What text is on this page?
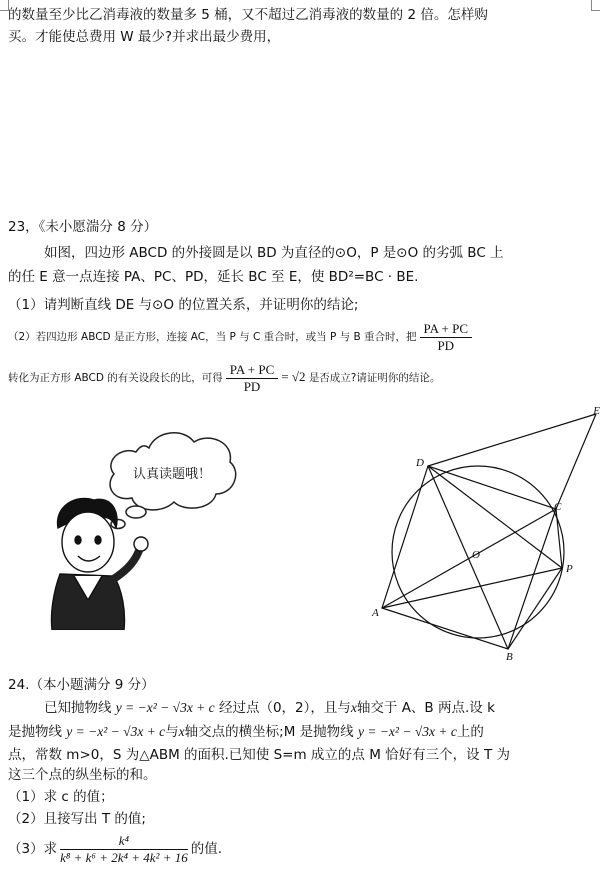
的数量至少比乙消毒液的数量多 5 桶，又不超过乙消毒液的数量的 2 倍。怎样购
买。才能使总费用 W 最少?并求出最少费用，
23，《未小愿湍分 8 分）
如图，四边形 ABCD 的外接圆是以 BD 为直径的⊙O，P 是⊙O 的劣弧 BC 上
的任 E 意一点连接 PA、PC、PD，延长 BC 至 E，使 BD²=BC · BE.
（1）请判断直线 DE 与⊙O 的位置关系，并证明你的结论;
（2）若四边形 ABCD 是正方形，连接 AC，当 P 与 C 重合时，或当 P 与 B 重合时，把 $\frac{PA + PC}{PD}$
转化为正方形 ABCD 的有关设段长的比，可得 $\frac{PA + PC}{PD} = √2$ 是否成立?请证明你的结论。
认真读题哦！
E
D
C
O
P
A
B
24.（本小题满分 9 分）
已知抛物线 y = −x² − √3x + c 经过点（0，2），且与x轴交于 A、B 两点.设 k
是抛物线 y = −x² − √3x + c与x轴交点的横坐标;M 是抛物线 y = −x² − √3x + c上的
点，常数 m>0，S 为△ABM 的面积.已知使 S=m 成立的点 M 恰好有三个，设 T 为
这三个点的纵坐标的和。
（1）求 c 的值；
（2）且接写出 T 的值;
（3）求 $\frac{\text{k⁴}}{\text{k⁸ + k⁶ + 2k⁴ + 4k² + 16}}$ 的值.
